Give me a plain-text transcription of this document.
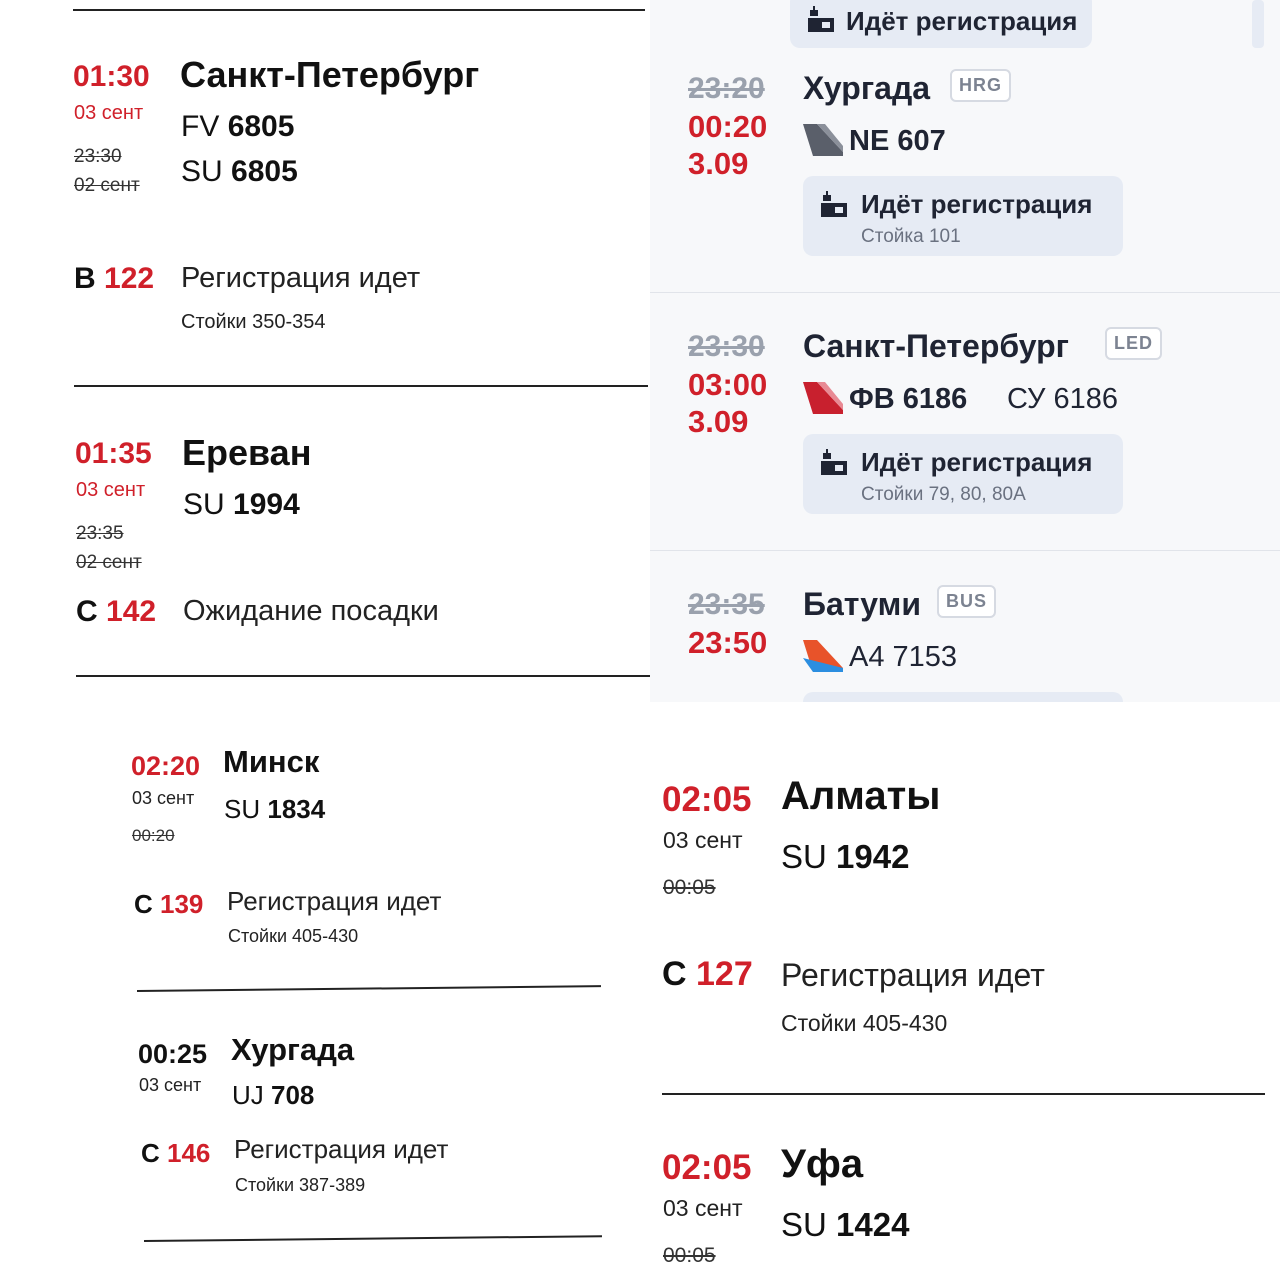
01:30
03 сент
23:30
02 сент
Санкт-Петербург
FV 6805
SU 6805
B 122 Регистрация идет
Стойки 350-354
01:35
03 сент
23:35
02 сент
Ереван
SU 1994
C 142 Ожидание посадки
Идёт регистрация
23:20
00:20
3.09
Хургада	HRG
NE 607
Идёт регистрация
Стойка 101
23:30
03:00
3.09
Санкт-Петербург	LED
ФВ 6186 СУ 6186
Идёт регистрация
Стойки 79, 80, 80А
23:35
23:50
Батуми	BUS
А4 7153
02:20
03 сент
00:20
Минск
SU 1834
C 139 Регистрация идет
Стойки 405-430
00:25
03 сент
Хургада
UJ 708
C 146 Регистрация идет
Стойки 387-389
02:05
03 сент
00:05
Алматы
SU 1942
C 127 Регистрация идет
Стойки 405-430
02:05
03 сент
00:05
Уфа
SU 1424
